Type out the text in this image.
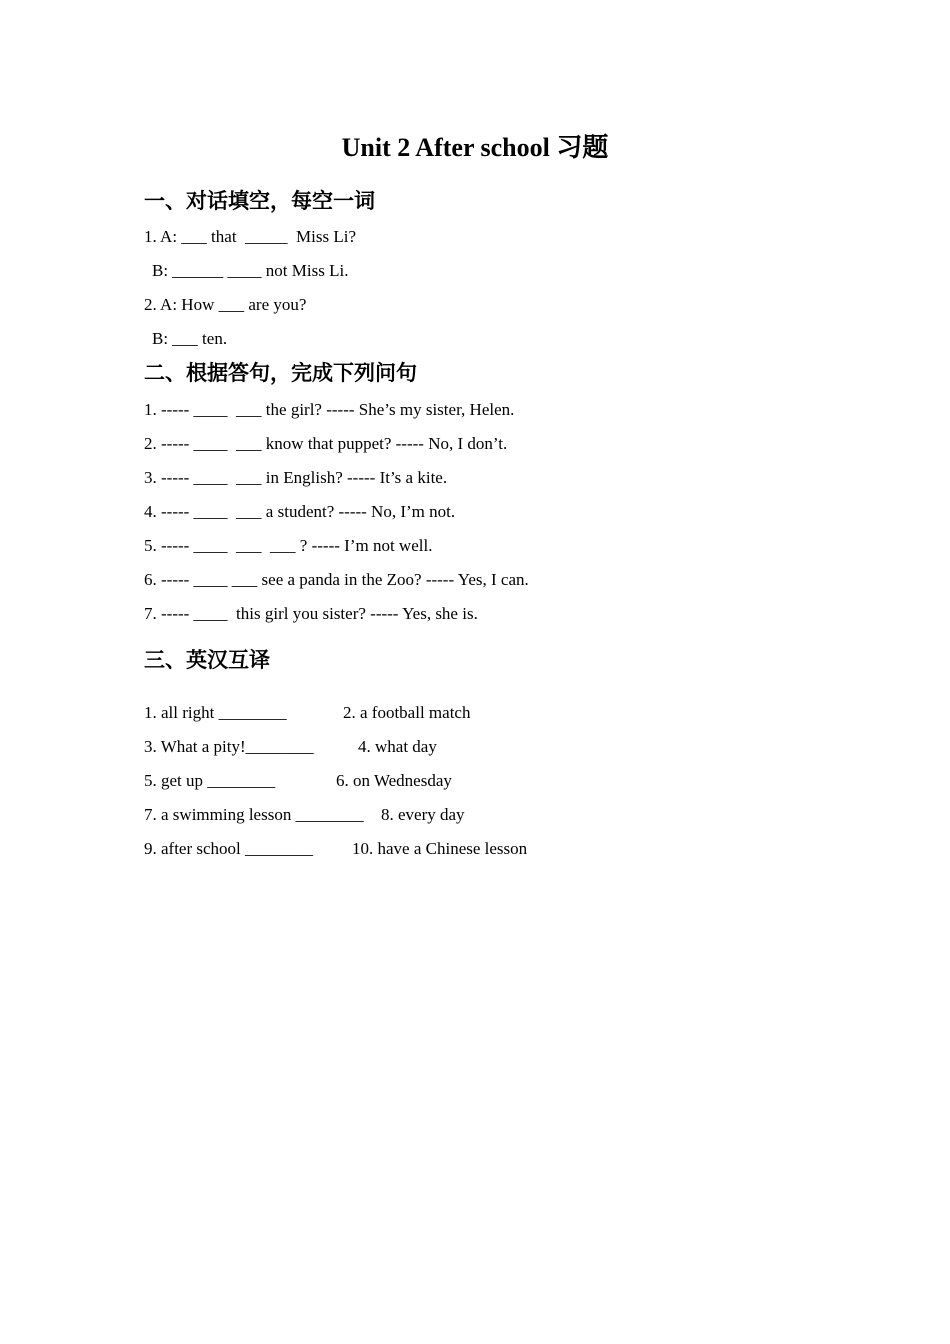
Unit 2 After school 习题
一、对话填空，每空一词
1. A: ___ that  _____  Miss Li?
B: ______ ____ not Miss Li.
2. A: How ___ are you?
B: ___ ten.
二、根据答句，完成下列问句
1. ----- ____  ___ the girl? ----- She’s my sister, Helen.
2. ----- ____  ___ know that puppet? ----- No, I don’t.
3. ----- ____  ___ in English? ----- It’s a kite.
4. ----- ____  ___ a student? ----- No, I’m not.
5. ----- ____  ___  ___ ? ----- I’m not well.
6. ----- ____ ___ see a panda in the Zoo? ----- Yes, I can.
7. ----- ____  this girl you sister? ----- Yes, she is.
三、英汉互译
1. all right ________	2. a football match
3. What a pity!________	4. what day
5. get up ________	6. on Wednesday
7. a swimming lesson ________ 8. every day
9. after school ________ 10. have a Chinese lesson
